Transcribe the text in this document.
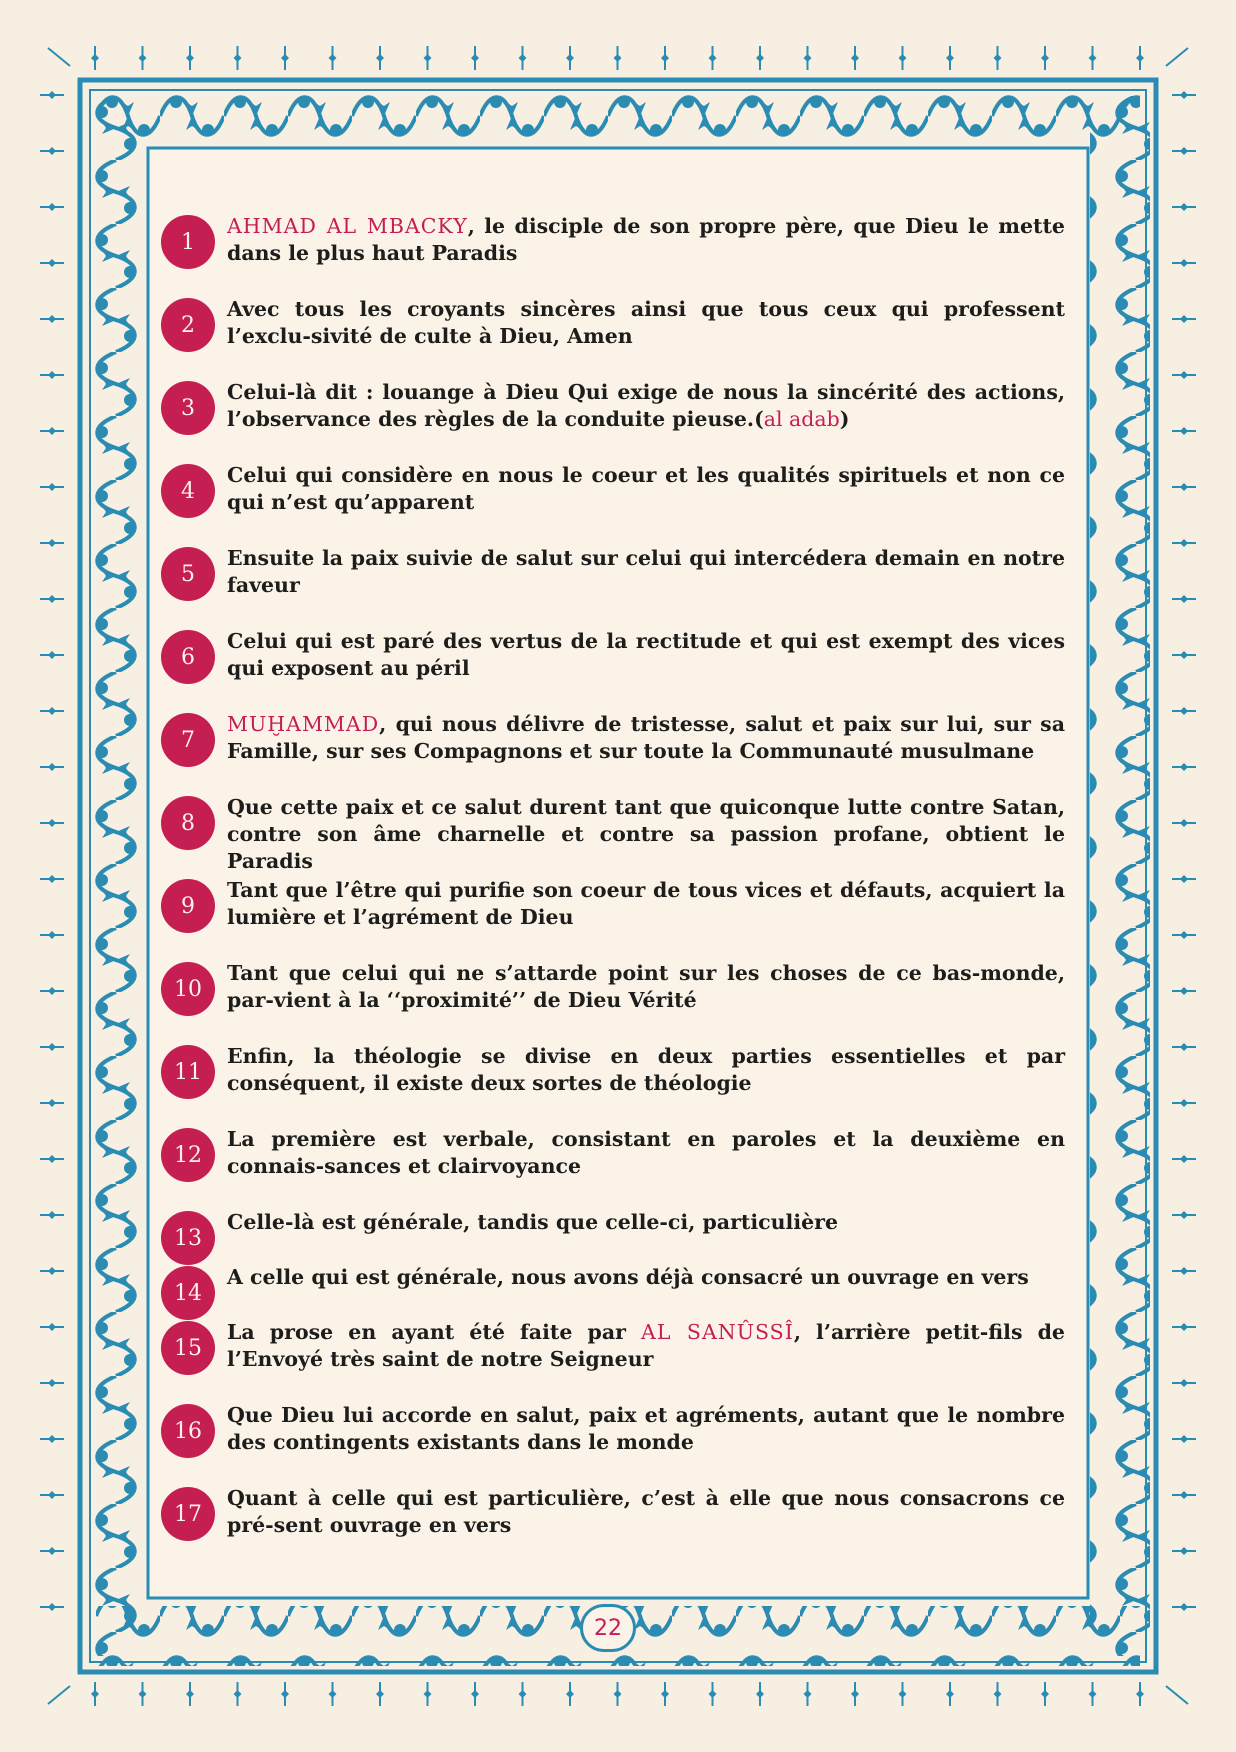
1
AHMAD AL MBACKY, le disciple de son propre père, que Dieu le mette dans le plus haut Paradis
2
Avec tous les croyants sincères ainsi que tous ceux qui professent l’exclu-sivité de culte à Dieu, Amen
3
Celui-là dit : louange à Dieu Qui exige de nous la sincérité des actions, l’observance des règles de la conduite pieuse.(al adab)
4
Celui qui considère en nous le coeur et les qualités spirituels et non ce qui n’est qu’apparent
5
Ensuite la paix suivie de salut sur celui qui intercédera demain en notre faveur
6
Celui qui est paré des vertus de la rectitude et qui est exempt des vices qui exposent au péril
7
MUḪAMMAD, qui nous délivre de tristesse, salut et paix sur lui, sur sa Famille, sur ses Compagnons et sur toute la Communauté musulmane
8
Que cette paix et ce salut durent tant que quiconque lutte contre Satan, contre son âme charnelle et contre sa passion profane, obtient le Paradis
9
Tant que l’être qui purifie son coeur de tous vices et défauts, acquiert la lumière et l’agrément de Dieu
10
Tant que celui qui ne s’attarde point sur les choses de ce bas-monde, par-vient à la ‘‘proximité’’ de Dieu Vérité
11
Enfin, la théologie se divise en deux parties essentielles et par conséquent, il existe deux sortes de théologie
12
La première est verbale, consistant en paroles et la deuxième en connais-sances et clairvoyance
13
Celle-là est générale, tandis que celle-ci, particulière
14
A celle qui est générale, nous avons déjà consacré un ouvrage en vers
15
La prose en ayant été faite par AL SANÛSSÎ, l’arrière petit-fils de l’Envoyé très saint de notre Seigneur
16
Que Dieu lui accorde en salut, paix et agréments, autant que le nombre des contingents existants dans le monde
17
Quant à celle qui est particulière, c’est à elle que nous consacrons ce pré-sent ouvrage en vers
22
